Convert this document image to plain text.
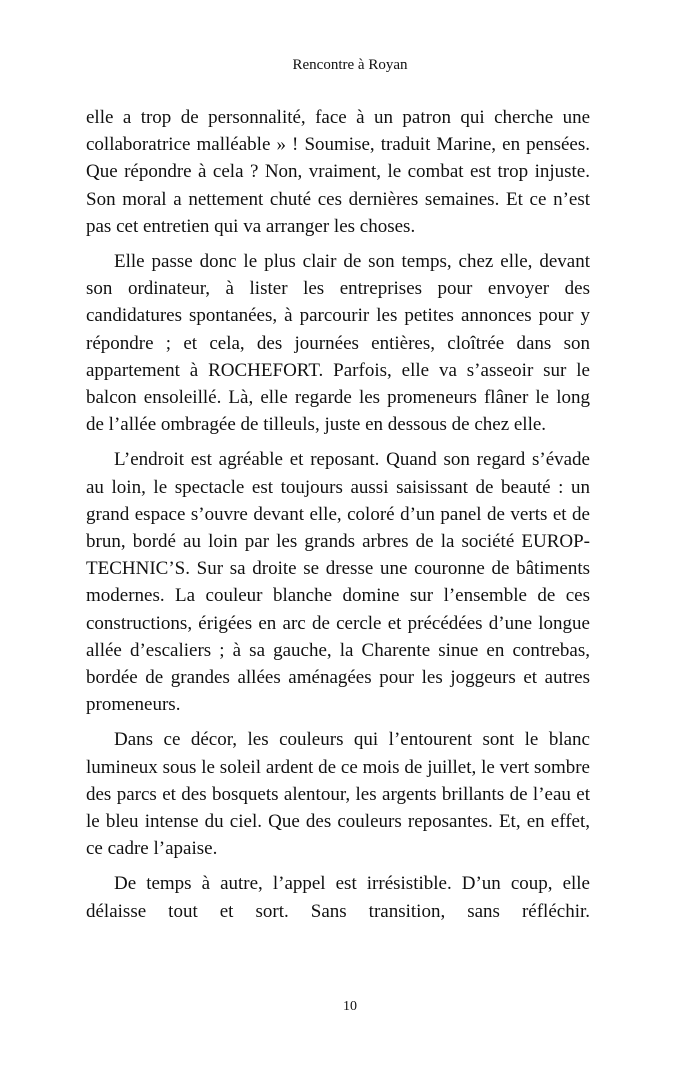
Rencontre à Royan

elle a trop de personnalité, face à un patron qui cherche une collaboratrice malléable » ! Soumise, traduit Marine, en pensées. Que répondre à cela ? Non, vraiment, le combat est trop injuste. Son moral a nettement chuté ces dernières semaines. Et ce n’est pas cet entretien qui va arranger les choses.

Elle passe donc le plus clair de son temps, chez elle, devant son ordinateur, à lister les entreprises pour envoyer des candidatures spontanées, à parcourir les petites annonces pour y répondre ; et cela, des journées entières, cloîtrée dans son appartement à ROCHEFORT. Parfois, elle va s’asseoir sur le balcon ensoleillé. Là, elle regarde les promeneurs flâner le long de l’allée ombragée de tilleuls, juste en dessous de chez elle.

L’endroit est agréable et reposant. Quand son regard s’évade au loin, le spectacle est toujours aussi saisissant de beauté : un grand espace s’ouvre devant elle, coloré d’un panel de verts et de brun, bordé au loin par les grands arbres de la société EUROP-TECHNIC’S. Sur sa droite se dresse une couronne de bâtiments modernes. La couleur blanche domine sur l’ensemble de ces constructions, érigées en arc de cercle et précédées d’une longue allée d’escaliers ; à sa gauche, la Charente sinue en contrebas, bordée de grandes allées aménagées pour les joggeurs et autres promeneurs.

Dans ce décor, les couleurs qui l’entourent sont le blanc lumineux sous le soleil ardent de ce mois de juillet, le vert sombre des parcs et des bosquets alentour, les argents brillants de l’eau et le bleu intense du ciel. Que des couleurs reposantes. Et, en effet, ce cadre l’apaise.

De temps à autre, l’appel est irrésistible. D’un coup, elle délaisse tout et sort. Sans transition, sans réfléchir.

10
